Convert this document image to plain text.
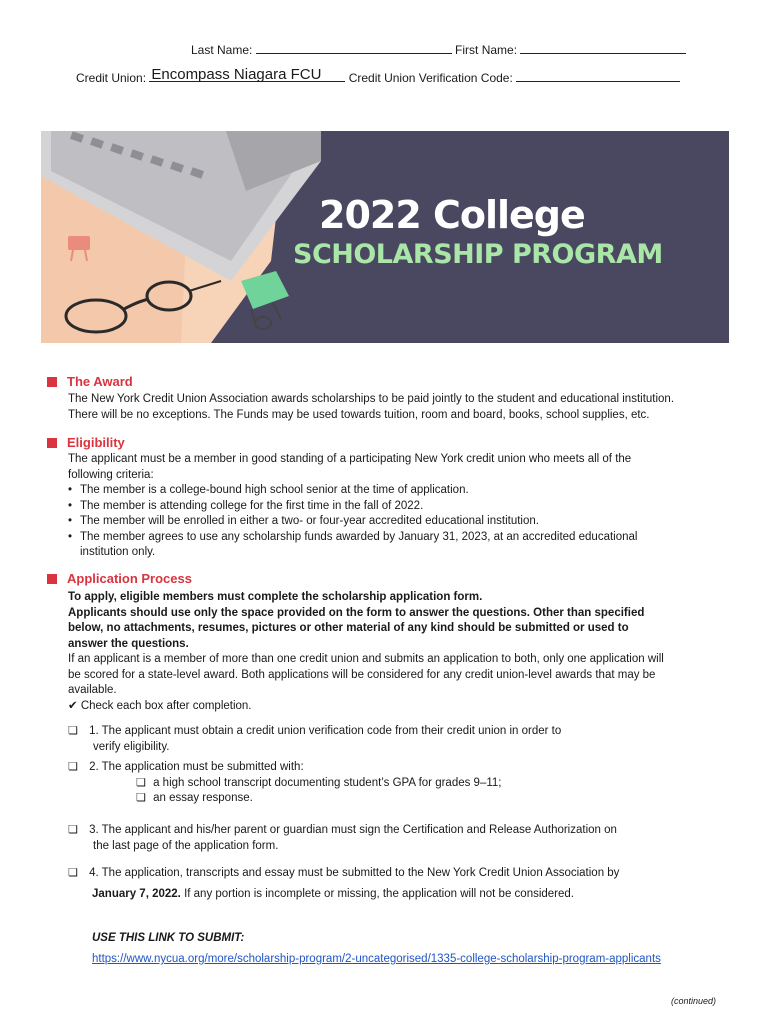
Last Name:	First Name:
Credit Union: Encompass Niagara FCU Credit Union Verification Code:
2022 College
SCHOLARSHIP PROGRAM
The Award
The New York Credit Union Association awards scholarships to be paid jointly to the student and educational institution.
There will be no exceptions. The Funds may be used towards tuition, room and board, books, school supplies, etc.
Eligibility
The applicant must be a member in good standing of a participating New York credit union who meets all of the
following criteria:
• The member is a college-bound high school senior at the time of application.
• The member is attending college for the first time in the fall of 2022.
• The member will be enrolled in either a two- or four-year accredited educational institution.
• The member agrees to use any scholarship funds awarded by January 31, 2023, at an accredited educational
institution only.
Application Process
To apply, eligible members must complete the scholarship application form.
Applicants should use only the space provided on the form to answer the questions. Other than specified
below, no attachments, resumes, pictures or other material of any kind should be submitted or used to
answer the questions.
If an applicant is a member of more than one credit union and submits an application to both, only one application will
be scored for a state-level award. Both applications will be considered for any credit union-level awards that may be
available.
✔ Check each box after completion.
❏ 1. The applicant must obtain a credit union verification code from their credit union in order to
verify eligibility.
❏ 2. The application must be submitted with:
❏ a high school transcript documenting student’s GPA for grades 9–11;
❏ an essay response.
❏ 3. The applicant and his/her parent or guardian must sign the Certification and Release Authorization on
the last page of the application form.
❏ 4. The application, transcripts and essay must be submitted to the New York Credit Union Association by
January 7, 2022. If any portion is incomplete or missing, the application will not be considered.
USE THIS LINK TO SUBMIT:
https://www.nycua.org/more/scholarship-program/2-uncategorised/1335-college-scholarship-program-applicants
(continued)
